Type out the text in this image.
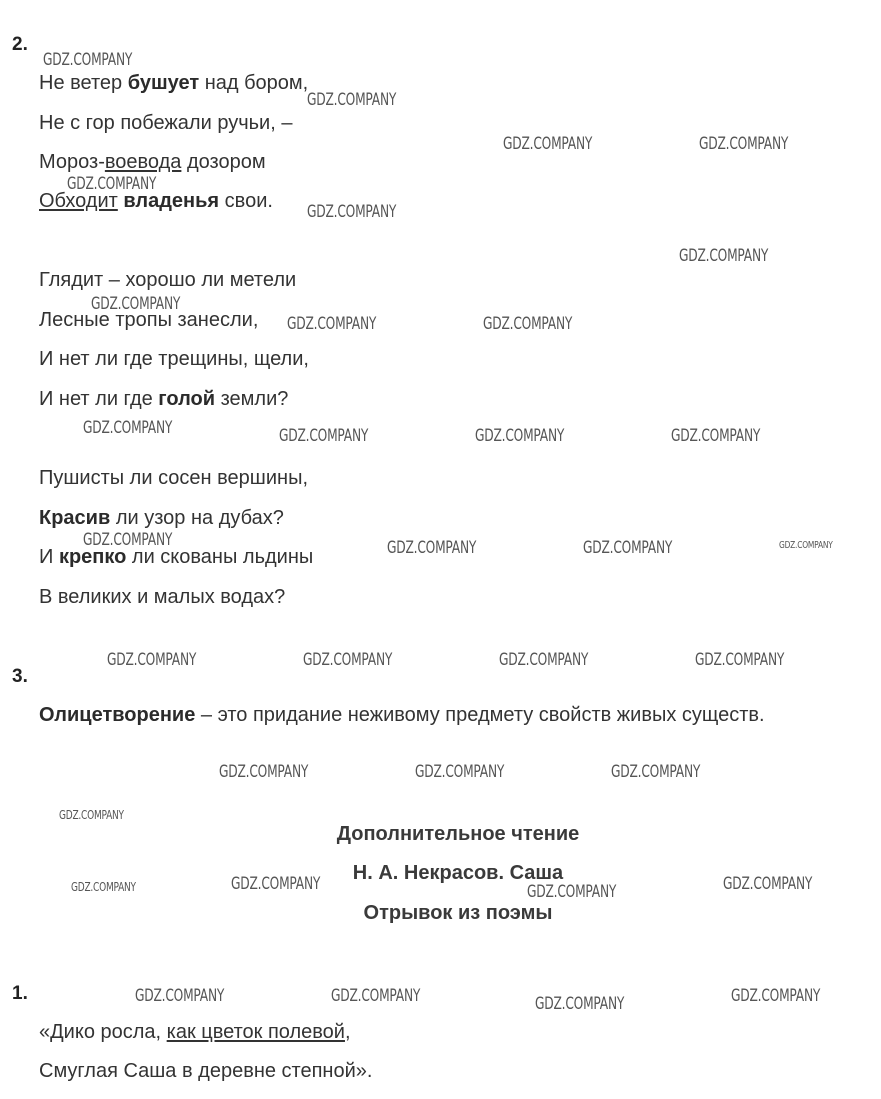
2.

Не ветер бушует над бором,

Не с гор побежали ручьи, –

Мороз-воевода дозором

Обходит владенья свои.

Глядит – хорошо ли метели

Лесные тропы занесли,

И нет ли где трещины, щели,

И нет ли где голой земли?

Пушисты ли сосен вершины,

Красив ли узор на дубах?

И крепко ли скованы льдины

В великих и малых водах?

3.

Олицетворение – это придание неживому предмету свойств живых существ.

Дополнительное чтение

Н. А. Некрасов. Саша

Отрывок из поэмы

1.

«Дико росла, как цветок полевой,

Смуглая Саша в деревне степной».

GDZ.COMPANY
GDZ.COMPANY
GDZ.COMPANY	GDZ.COMPANY
GDZ.COMPANY
GDZ.COMPANY
GDZ.COMPANY
GDZ.COMPANY
GDZ.COMPANY	GDZ.COMPANY
GDZ.COMPANY	GDZ.COMPANY	GDZ.COMPANY	GDZ.COMPANY
GDZ.COMPANY	GDZ.COMPANY	GDZ.COMPANY	GDZ.COMPANY
GDZ.COMPANY	GDZ.COMPANY	GDZ.COMPANY	GDZ.COMPANY
GDZ.COMPANY	GDZ.COMPANY	GDZ.COMPANY
GDZ.COMPANY
GDZ.COMPANY	GDZ.COMPANY	GDZ.COMPANY	GDZ.COMPANY
GDZ.COMPANY	GDZ.COMPANY	GDZ.COMPANY	GDZ.COMPANY
